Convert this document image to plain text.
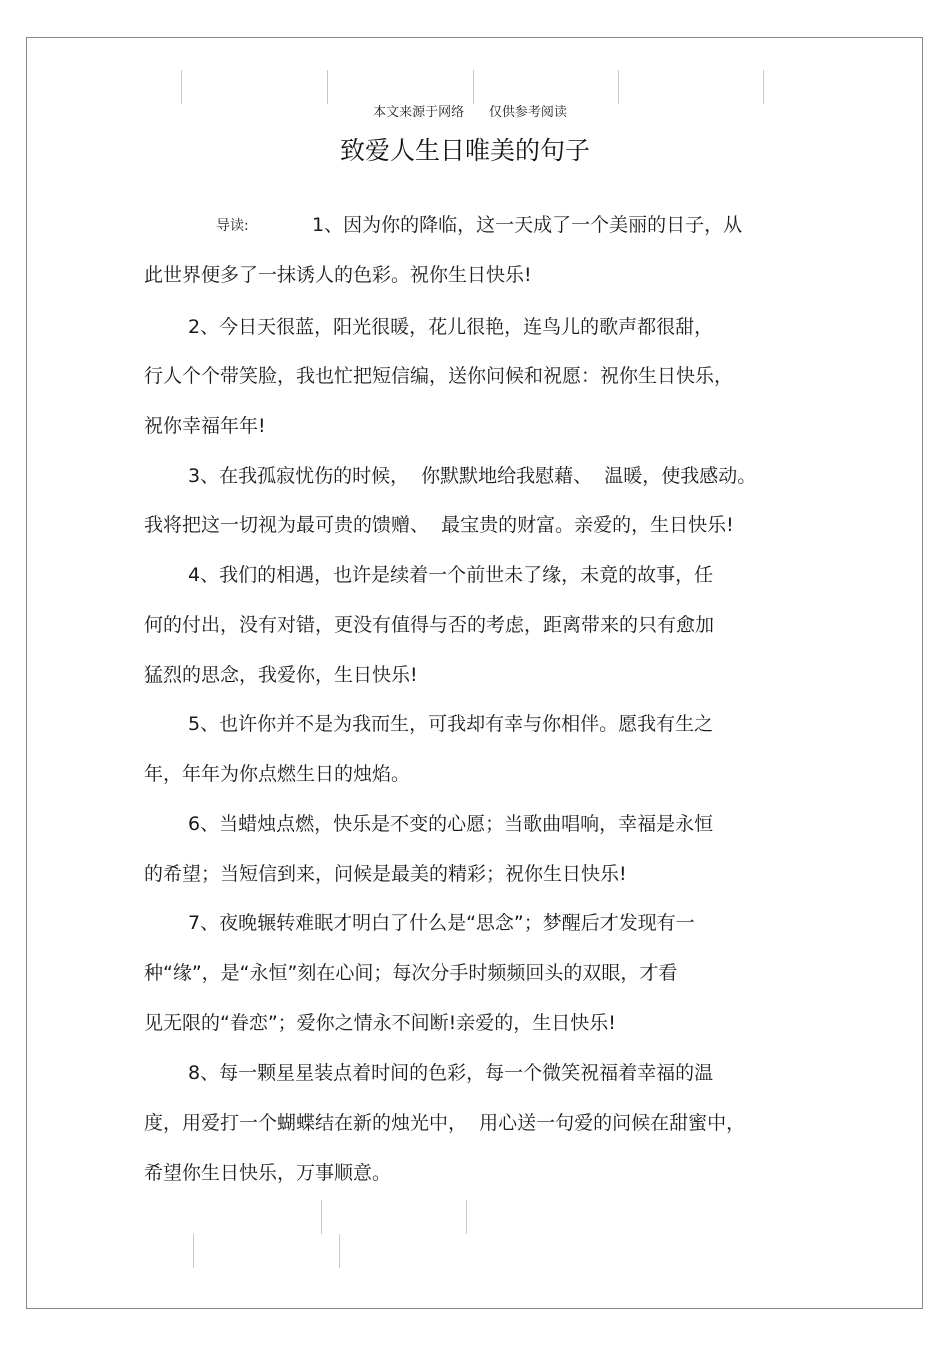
本文来源于网络      仅供参考阅读
致爱人生日唯美的句子
导读:	1、因为你的降临，这一天成了一个美丽的日子，从
此世界便多了一抹诱人的色彩。祝你生日快乐!
2、今日天很蓝，阳光很暖，花儿很艳，连鸟儿的歌声都很甜，
行人个个带笑脸，我也忙把短信编，送你问候和祝愿：祝你生日快乐，
祝你幸福年年!
3、在我孤寂忧伤的时候，  你默默地给我慰藉、  温暖，使我感动。
我将把这一切视为最可贵的馈赠、  最宝贵的财富。亲爱的，生日快乐!
4、我们的相遇，也许是续着一个前世未了缘，未竟的故事，任
何的付出，没有对错，更没有值得与否的考虑，距离带来的只有愈加
猛烈的思念，我爱你，生日快乐!
5、也许你并不是为我而生，可我却有幸与你相伴。愿我有生之
年，年年为你点燃生日的烛焰。
6、当蜡烛点燃，快乐是不变的心愿；当歌曲唱响，幸福是永恒
的希望；当短信到来，问候是最美的精彩；祝你生日快乐!
7、夜晚辗转难眠才明白了什么是“思念”；梦醒后才发现有一
种“缘”，是“永恒”刻在心间；每次分手时频频回头的双眼，才看
见无限的“眷恋”；爱你之情永不间断!亲爱的，生日快乐!
8、每一颗星星装点着时间的色彩，每一个微笑祝福着幸福的温
度，用爱打一个蝴蝶结在新的烛光中，  用心送一句爱的问候在甜蜜中，
希望你生日快乐，万事顺意。
